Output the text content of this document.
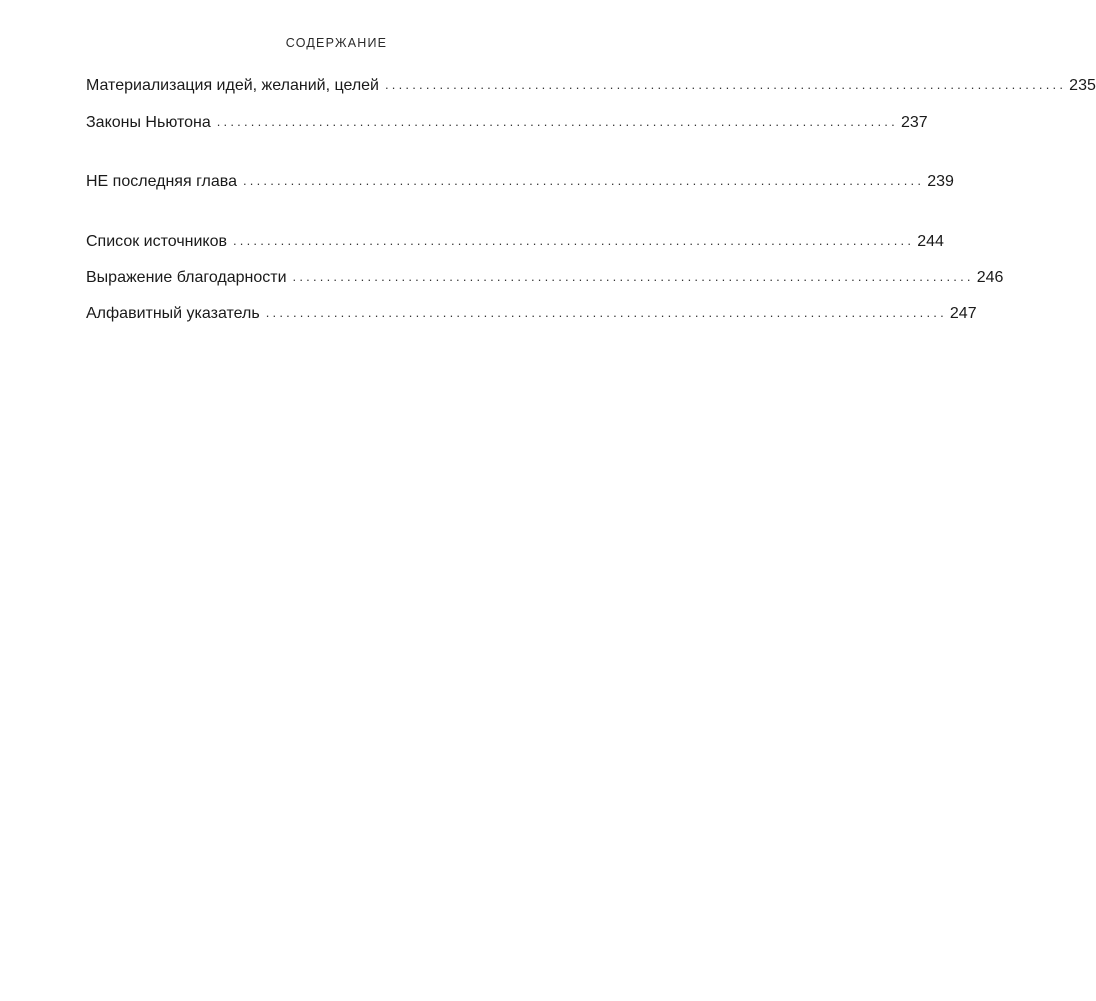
СОДЕРЖАНИЕ
Материализация идей, желаний, целей .................................................................................................... 235
Законы Ньютона .................................................................................................... 237
НЕ последняя глава .................................................................................................... 239
Список источников .................................................................................................... 244
Выражение благодарности .................................................................................................... 246
Алфавитный указатель .................................................................................................... 247
